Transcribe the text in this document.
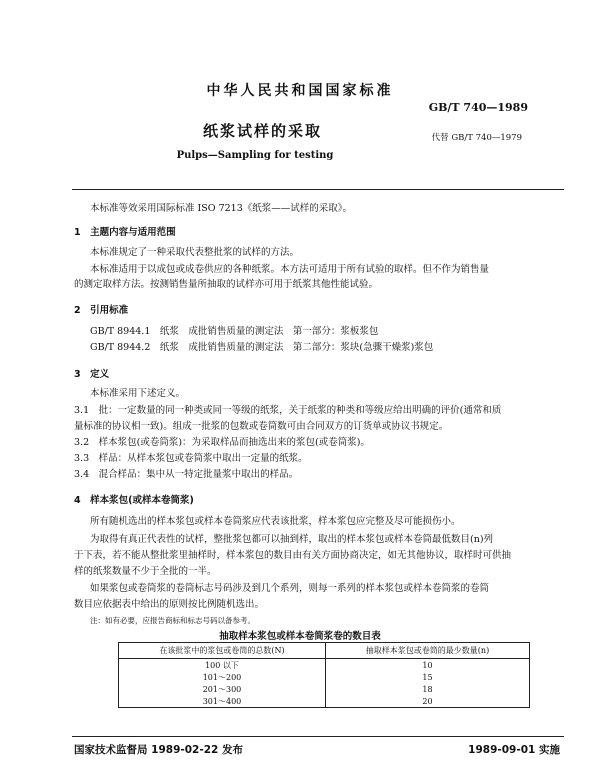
中华人民共和国国家标准
GB/T 740—1989
纸浆试样的采取	代替 GB/T 740—1979
Pulps—Sampling for testing
本标准等效采用国际标准 ISO 7213《纸浆——试样的采取》。
1　主题内容与适用范围
本标准规定了一种采取代表整批浆的试样的方法。
本标准适用于以成包或成卷供应的各种纸浆。本方法可适用于所有试验的取样。但不作为销售量
的测定取样方法。按测销售量所抽取的试样亦可用于纸浆其他性能试验。
2　引用标准
GB/T 8944.1　纸浆　成批销售质量的测定法　第一部分：浆板浆包
GB/T 8944.2　纸浆　成批销售质量的测定法　第二部分：浆块(急骤干燥浆)浆包
3　定义
本标准采用下述定义。
3.1　批：一定数量的同一种类或同一等级的纸浆，关于纸浆的种类和等级应给出明确的评价(通常和质
量标准的协议相一致)。组成一批浆的包数或卷筒数可由合同双方的订货单或协议书规定。
3.2　样本浆包(或卷筒浆)：为采取样品而抽选出来的浆包(或卷筒浆)。
3.3　样品：从样本浆包或卷筒浆中取出一定量的纸浆。
3.4　混合样品：集中从一特定批量浆中取出的样品。
4　样本浆包(或样本卷筒浆)
所有随机选出的样本浆包或样本卷筒浆应代表该批浆，样本浆包应完整及尽可能损伤小。
为取得有真正代表性的试样，整批浆包都可以抽到样，取出的样本浆包或样本卷筒最低数目(n)列
于下表，若不能从整批浆里抽样时，样本浆包的数目由有关方面协商决定，如无其他协议，取样时可供抽
样的纸浆数量不少于全批的一半。
如果浆包或卷筒浆的卷筒标志号码涉及到几个系列，则每一系列的样本浆包或样本卷筒浆的卷筒
数目应依据表中给出的原则按比例随机选出。
注：如有必要，应报告商标和标志号码以备参考。
抽取样本浆包或样本卷筒浆卷的数目表
在该批浆中的浆包或卷筒的总数(N)	抽取样本浆包或卷筒的最少数量(n)
100 以下	10
101～200	15
201～300	18
301～400	20
国家技术监督局 1989-02-22 发布	1989-09-01 实施
